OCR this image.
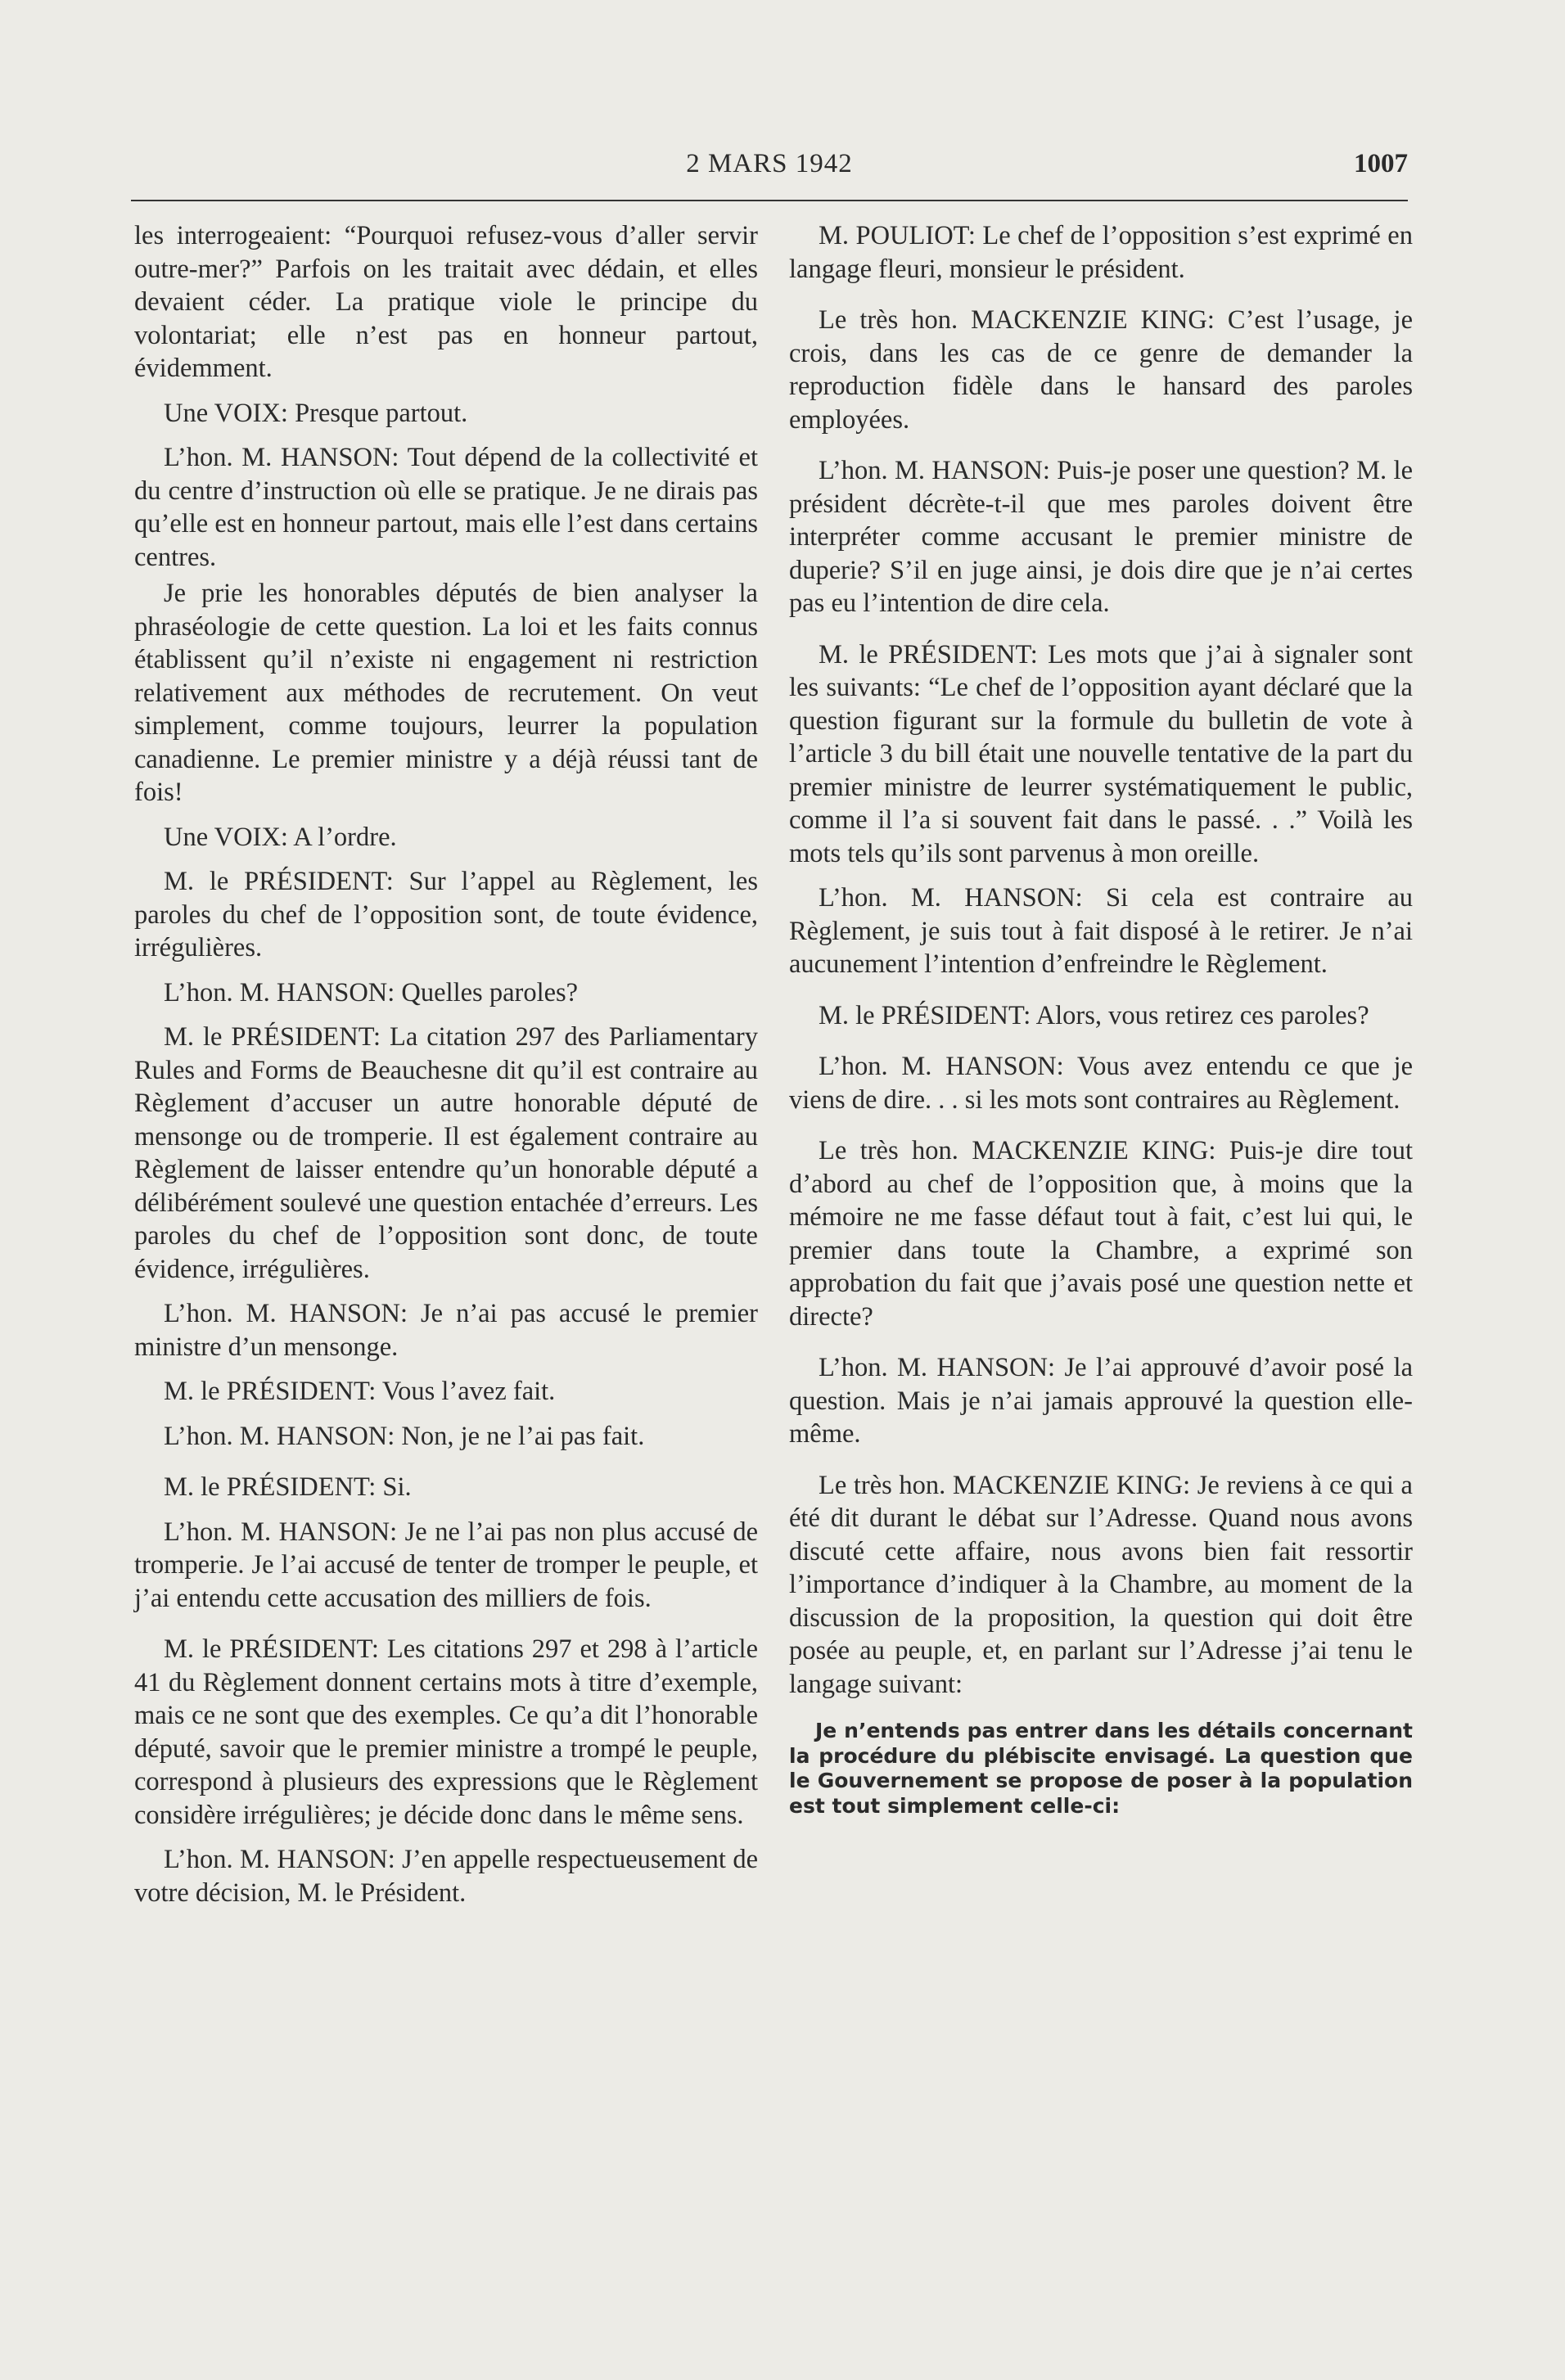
2 MARS 1942	1007

les interrogeaient: “Pourquoi refusez-vous d’aller servir outre-mer?” Parfois on les traitait avec dédain, et elles devaient céder. La pratique viole le principe du volontariat; elle n’est pas en honneur partout, évidemment.

Une VOIX: Presque partout.

L’hon. M. HANSON: Tout dépend de la collectivité et du centre d’instruction où elle se pratique. Je ne dirais pas qu’elle est en honneur partout, mais elle l’est dans certains centres.

Je prie les honorables députés de bien analyser la phraséologie de cette question. La loi et les faits connus établissent qu’il n’existe ni engagement ni restriction relativement aux méthodes de recrutement. On veut simplement, comme toujours, leurrer la population canadienne. Le premier ministre y a déjà réussi tant de fois!

Une VOIX: A l’ordre.

M. le PRÉSIDENT: Sur l’appel au Règlement, les paroles du chef de l’opposition sont, de toute évidence, irrégulières.

L’hon. M. HANSON: Quelles paroles?

M. le PRÉSIDENT: La citation 297 des Parliamentary Rules and Forms de Beauchesne dit qu’il est contraire au Règlement d’accuser un autre honorable député de mensonge ou de tromperie. Il est également contraire au Règlement de laisser entendre qu’un honorable député a délibérément soulevé une question entachée d’erreurs. Les paroles du chef de l’opposition sont donc, de toute évidence, irrégulières.

L’hon. M. HANSON: Je n’ai pas accusé le premier ministre d’un mensonge.

M. le PRÉSIDENT: Vous l’avez fait.

L’hon. M. HANSON: Non, je ne l’ai pas fait.

M. le PRÉSIDENT: Si.

L’hon. M. HANSON: Je ne l’ai pas non plus accusé de tromperie. Je l’ai accusé de tenter de tromper le peuple, et j’ai entendu cette accusation des milliers de fois.

M. le PRÉSIDENT: Les citations 297 et 298 à l’article 41 du Règlement donnent certains mots à titre d’exemple, mais ce ne sont que des exemples. Ce qu’a dit l’honorable député, savoir que le premier ministre a trompé le peuple, correspond à plusieurs des expressions que le Règlement considère irrégulières; je décide donc dans le même sens.

L’hon. M. HANSON: J’en appelle respectueusement de votre décision, M. le Président.

M. POULIOT: Le chef de l’opposition s’est exprimé en langage fleuri, monsieur le président.

Le très hon. MACKENZIE KING: C’est l’usage, je crois, dans les cas de ce genre de demander la reproduction fidèle dans le hansard des paroles employées.

L’hon. M. HANSON: Puis-je poser une question? M. le président décrète-t-il que mes paroles doivent être interpréter comme accusant le premier ministre de duperie? S’il en juge ainsi, je dois dire que je n’ai certes pas eu l’intention de dire cela.

M. le PRÉSIDENT: Les mots que j’ai à signaler sont les suivants: “Le chef de l’opposition ayant déclaré que la question figurant sur la formule du bulletin de vote à l’article 3 du bill était une nouvelle tentative de la part du premier ministre de leurrer systématiquement le public, comme il l’a si souvent fait dans le passé. . .” Voilà les mots tels qu’ils sont parvenus à mon oreille.

L’hon. M. HANSON: Si cela est contraire au Règlement, je suis tout à fait disposé à le retirer. Je n’ai aucunement l’intention d’enfreindre le Règlement.

M. le PRÉSIDENT: Alors, vous retirez ces paroles?

L’hon. M. HANSON: Vous avez entendu ce que je viens de dire. . . si les mots sont contraires au Règlement.

Le très hon. MACKENZIE KING: Puis-je dire tout d’abord au chef de l’opposition que, à moins que la mémoire ne me fasse défaut tout à fait, c’est lui qui, le premier dans toute la Chambre, a exprimé son approbation du fait que j’avais posé une question nette et directe?

L’hon. M. HANSON: Je l’ai approuvé d’avoir posé la question. Mais je n’ai jamais approuvé la question elle-même.

Le très hon. MACKENZIE KING: Je reviens à ce qui a été dit durant le débat sur l’Adresse. Quand nous avons discuté cette affaire, nous avons bien fait ressortir l’importance d’indiquer à la Chambre, au moment de la discussion de la proposition, la question qui doit être posée au peuple, et, en parlant sur l’Adresse j’ai tenu le langage suivant:

Je n’entends pas entrer dans les détails concernant la procédure du plébiscite envisagé. La question que le Gouvernement se propose de poser à la population est tout simplement celle-ci:
